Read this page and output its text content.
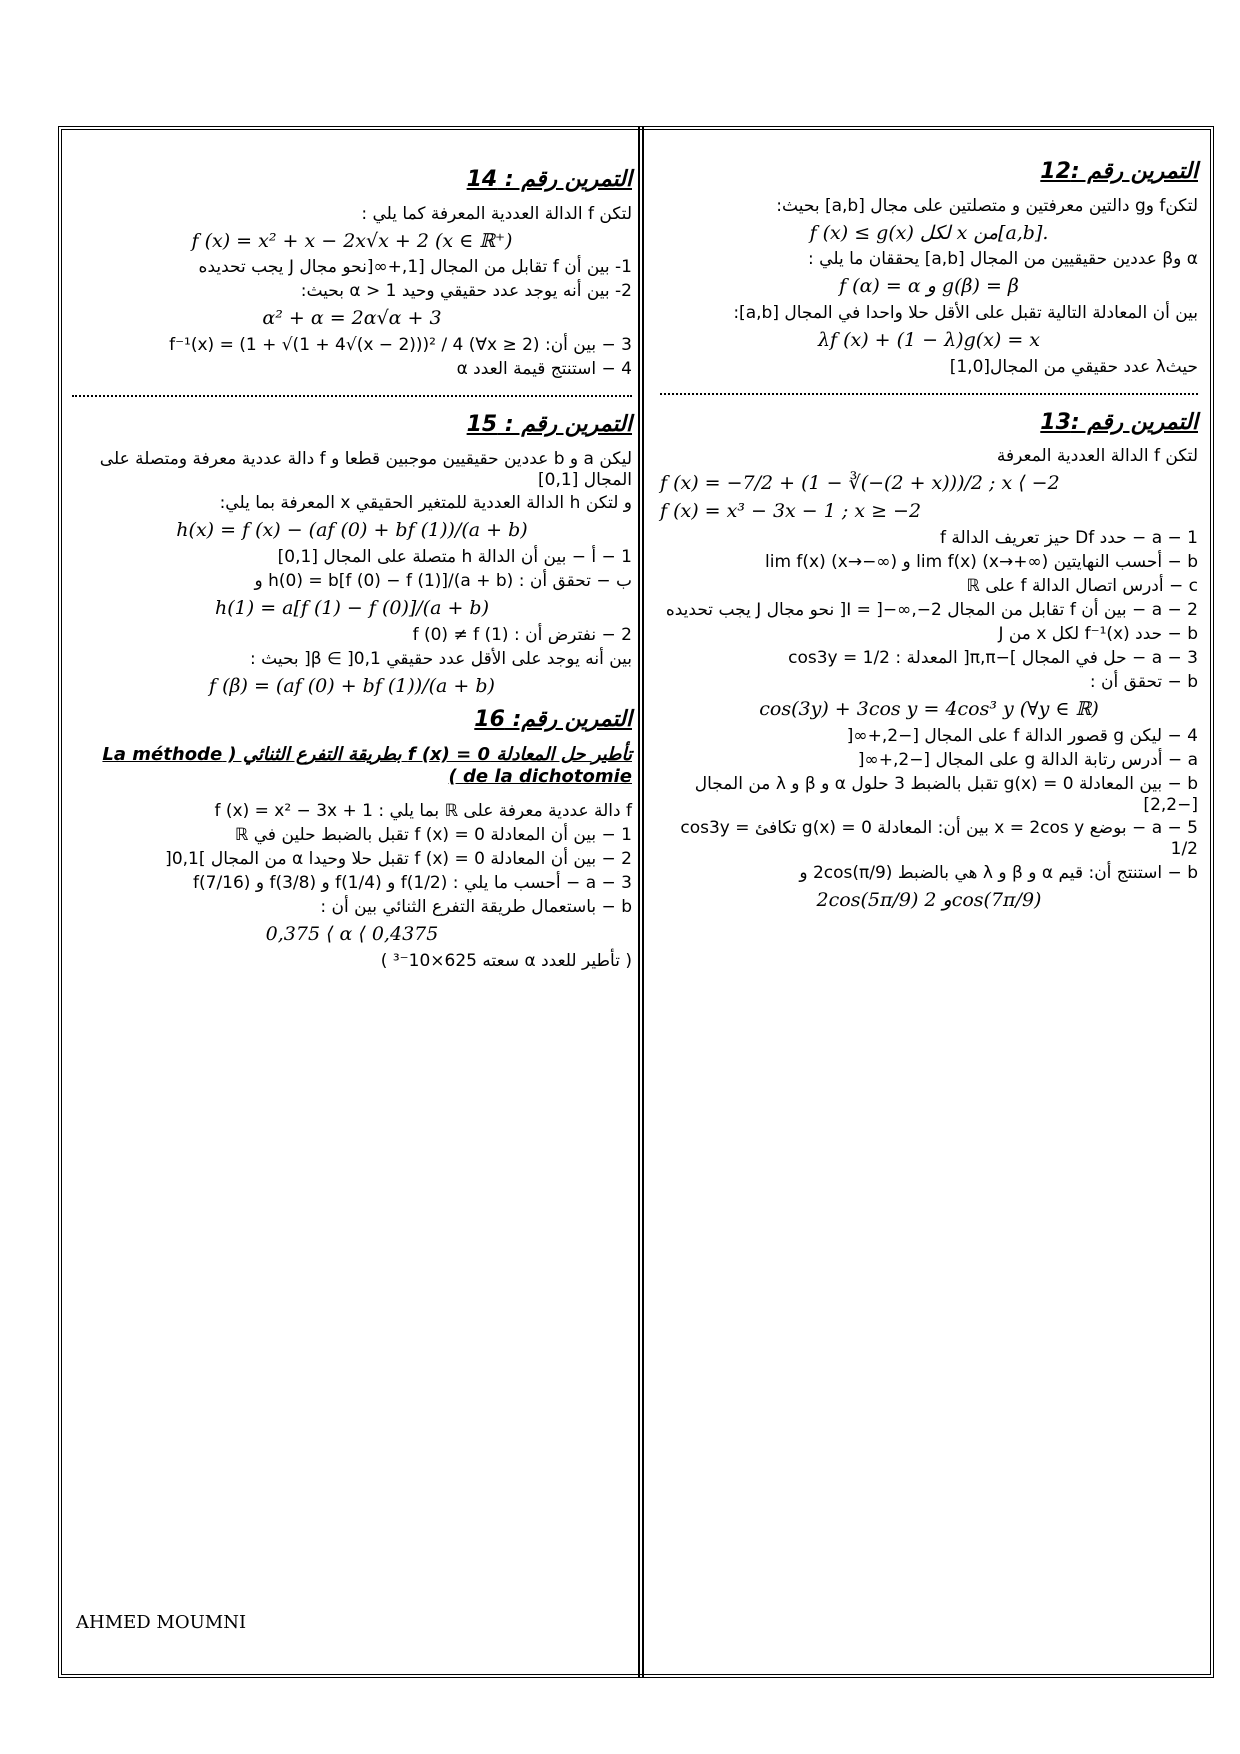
التمرين رقم :12
لتكنf وg دالتين معرفتين و متصلتين على مجال [a,b] بحيث:
f (x) ≤ g(x) لكل x من[a,b].
α وβ عددين حقيقيين من المجال [a,b] يحققان ما يلي :
f (α) = α و g(β) = β
بين أن المعادلة التالية تقبل على الأقل حلا واحدا في المجال [a,b]:
λf (x) + (1 − λ)g(x) = x
حيثλ عدد حقيقي من المجال[1,0]
التمرين رقم :13
لتكن f الدالة العددية المعرفة
f (x) = −7/2 + (1 − ∛(−(2 + x)))/2 ; x ⟨ −2
f (x) = x³ − 3x − 1 ; x ≥ −2
1 − a − حدد Df حيز تعريف الدالة f
b − أحسب النهايتين lim f(x) (x→+∞) و lim f(x) (x→−∞)
c − أدرس اتصال الدالة f على ℝ
2 − a − بين أن f تقابل من المجال I = ]−∞,−2[ نحو مجال J يجب تحديده
b − حدد f⁻¹(x) لكل x من J
3 − a − حل في المجال ]−π,π[ المعدلة : cos3y = 1/2
b − تحقق أن :
cos(3y) + 3cos y = 4cos³ y (∀y ∈ ℝ)
4 − ليكن g قصور الدالة f على المجال [−2,+∞[
a − أدرس رتابة الدالة g على المجال [−2,+∞[
b − بين المعادلة g(x) = 0 تقبل بالضبط 3 حلول α و β و λ من المجال [−2,2]
5 − a − بوضع x = 2cos y بين أن: المعادلة g(x) = 0 تكافئ cos3y = 1/2
b − استنتج أن: قيم α و β و λ هي بالضبط 2cos(π/9) و
2cos(5π/9) و 2cos(7π/9)
التمرين رقم : 14
لتكن f الدالة العددية المعرفة كما يلي :
f (x) = x² + x − 2x√x + 2 (x ∈ ℝ⁺)
1- بين أن f تقابل من المجال [1,+∞[نحو مجال J يجب تحديده
2- بين أنه يوجد عدد حقيقي وحيد α > 1 بحيث:
α² + α = 2α√α + 3
3 − بين أن: f⁻¹(x) = (1 + √(1 + 4√(x − 2)))² / 4 (∀x ≥ 2)
4 − استنتج قيمة العدد α
التمرين رقم : 15
ليكن a و b عددين حقيقيين موجبين قطعا و f دالة عددية معرفة ومتصلة على المجال [0,1]
و لتكن h الدالة العددية للمتغير الحقيقي x المعرفة بما يلي:
h(x) = f (x) − (af (0) + bf (1))/(a + b)
1 − أ − بين أن الدالة h متصلة على المجال [0,1]
ب − تحقق أن : h(0) = b[f (0) − f (1)]/(a + b) و
h(1) = a[f (1) − f (0)]/(a + b)
2 − نفترض أن : f (0) ≠ f (1)
بين أنه يوجد على الأقل عدد حقيقي β ∈ ]0,1[ بحيث :
f (β) = (af (0) + bf (1))/(a + b)
التمرين رقم: 16
تأطير حل المعادلة f (x) = 0 بطريقة التفرع الثنائي ( La méthode de la dichotomie )
f دالة عددية معرفة على ℝ بما يلي : f (x) = x² − 3x + 1
1 − بين أن المعادلة f (x) = 0 تقبل بالضبط حلين في ℝ
2 − بين أن المعادلة f (x) = 0 تقبل حلا وحيدا α من المجال ]0,1[
3 − a − أحسب ما يلي : f(1/2) و f(1/4) و f(3/8) و f(7/16)
b − باستعمال طريقة التفرع الثنائي بين أن :
0,375 ⟨ α ⟨ 0,4375
( تأطير للعدد α سعته 625×10⁻³ )
AHMED MOUMNI
